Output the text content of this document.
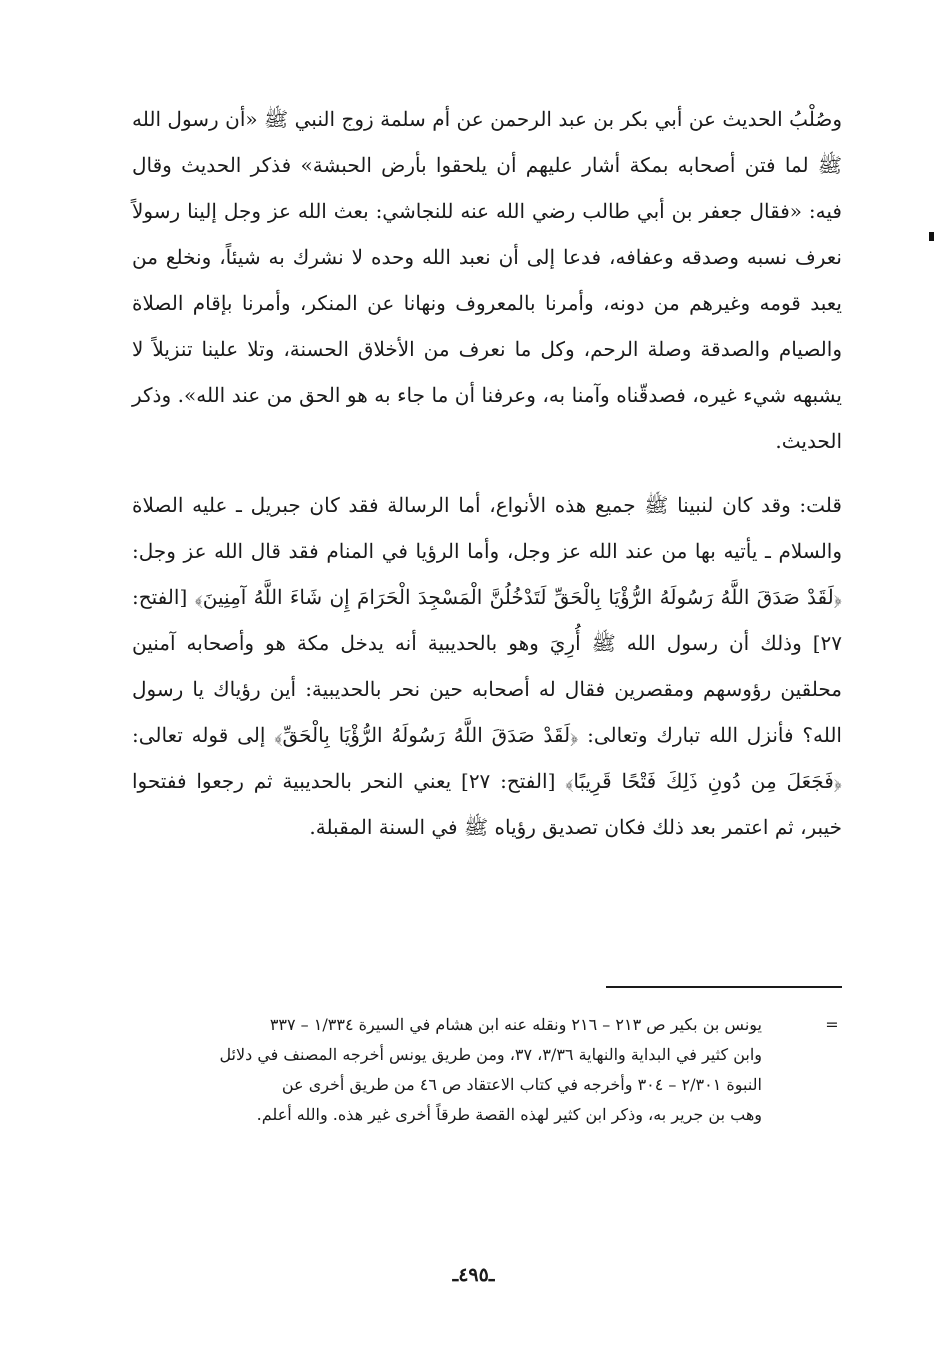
وصُلْبُ الحديث عن أبي بكر بن عبد الرحمن عن أم سلمة زوج النبي ﷺ «أن رسول الله ﷺ لما فتن أصحابه بمكة أشار عليهم أن يلحقوا بأرض الحبشة» فذكر الحديث وقال فيه: «فقال جعفر بن أبي طالب رضي الله عنه للنجاشي: بعث الله عز وجل إلينا رسولاً نعرف نسبه وصدقه وعفافه، فدعا إلى أن نعبد الله وحده لا نشرك به شيئاً، ونخلع من يعبد قومه وغيرهم من دونه، وأمرنا بالمعروف ونهانا عن المنكر، وأمرنا بإقام الصلاة والصيام والصدقة وصلة الرحم، وكل ما نعرف من الأخلاق الحسنة، وتلا علينا تنزيلاً لا يشبهه شيء غيره، فصدقّناه وآمنا به، وعرفنا أن ما جاء به هو الحق من عند الله». وذكر الحديث.

قلت: وقد كان لنبينا ﷺ جميع هذه الأنواع، أما الرسالة فقد كان جبريل ـ عليه الصلاة والسلام ـ يأتيه بها من عند الله عز وجل، وأما الرؤيا في المنام فقد قال الله عز وجل: ﴿لَقَدْ صَدَقَ اللَّهُ رَسُولَهُ الرُّؤْيَا بِالْحَقِّ لَتَدْخُلُنَّ الْمَسْجِدَ الْحَرَامَ إِن شَاءَ اللَّهُ آمِنِينَ﴾ [الفتح: ٢٧] وذلك أن رسول الله ﷺ أُرِيَ وهو بالحديبية أنه يدخل مكة هو وأصحابه آمنين محلقين رؤوسهم ومقصرين فقال له أصحابه حين نحر بالحديبية: أين رؤياك يا رسول الله؟ فأنزل الله تبارك وتعالى: ﴿لَقَدْ صَدَقَ اللَّهُ رَسُولَهُ الرُّؤْيَا بِالْحَقِّ﴾ إلى قوله تعالى: ﴿فَجَعَلَ مِن دُونِ ذَلِكَ فَتْحًا قَرِيبًا﴾ [الفتح: ٢٧] يعني النحر بالحديبية ثم رجعوا ففتحوا خيبر، ثم اعتمر بعد ذلك فكان تصديق رؤياه ﷺ في السنة المقبلة.

=
يونس بن بكير ص ٢١٣ – ٢١٦ ونقله عنه ابن هشام في السيرة ١/٣٣٤ – ٣٣٧
وابن كثير في البداية والنهاية ٣/٣٦، ٣٧، ومن طريق يونس أخرجه المصنف في دلائل
النبوة ٢/٣٠١ – ٣٠٤ وأخرجه في كتاب الاعتقاد ص ٤٦ من طريق أخرى عن
وهب بن جرير به، وذكر ابن كثير لهذه القصة طرقاً أخرى غير هذه. والله أعلم.
ـ٤٩٥ـ
